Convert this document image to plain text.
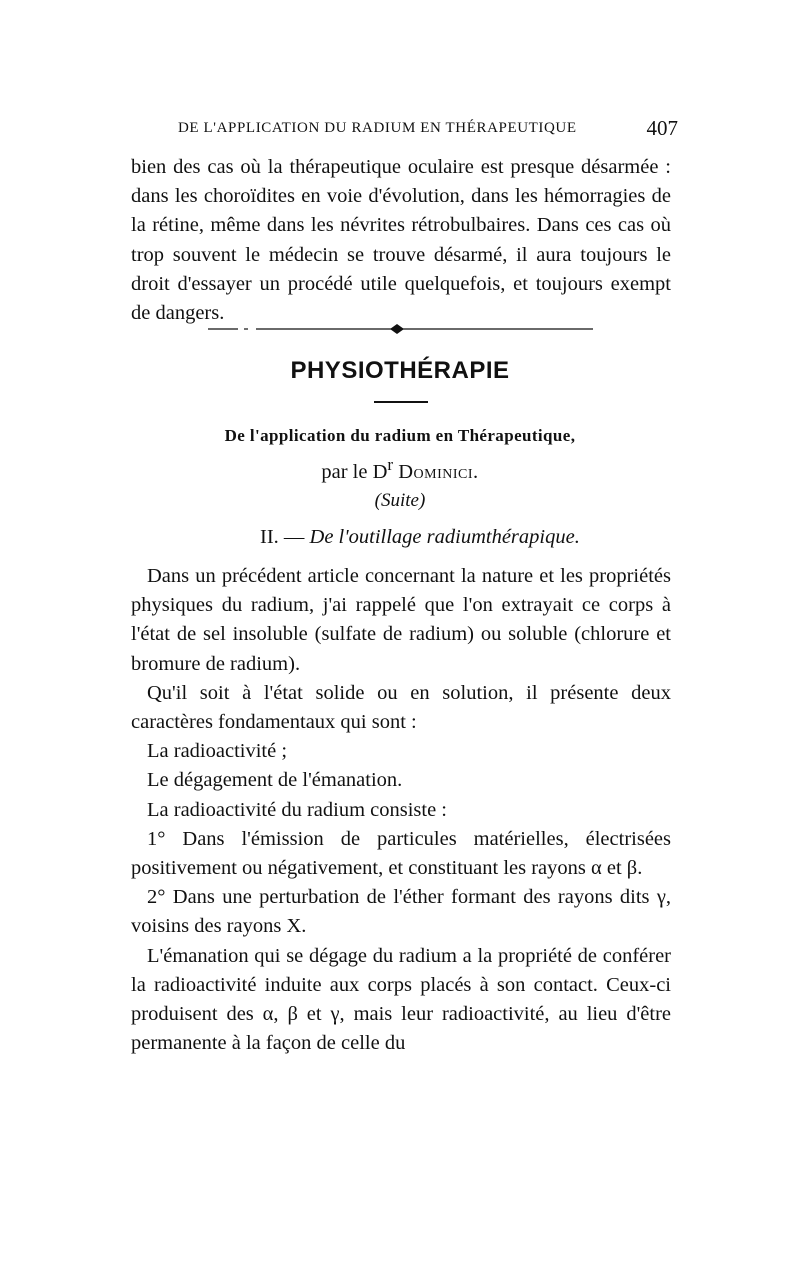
DE L'APPLICATION DU RADIUM EN THÉRAPEUTIQUE	407

bien des cas où la thérapeutique oculaire est presque désarmée : dans les choroïdites en voie d'évolution, dans les hémorragies de la rétine, même dans les névrites rétrobulbaires. Dans ces cas où trop souvent le médecin se trouve désarmé, il aura toujours le droit d'essayer un procédé utile quelquefois, et toujours exempt de dangers.

PHYSIOTHÉRAPIE
De l'application du radium en Thérapeutique,
par le $D^r$ Dominici.
(Suite)
II. — De l'outillage radiumthérapique.

Dans un précédent article concernant la nature et les propriétés physiques du radium, j'ai rappelé que l'on extrayait ce corps à l'état de sel insoluble (sulfate de radium) ou soluble (chlorure et bromure de radium).

Qu'il soit à l'état solide ou en solution, il présente deux caractères fondamentaux qui sont :

La radioactivité ;

Le dégagement de l'émanation.

La radioactivité du radium consiste :

1° Dans l'émission de particules matérielles, électrisées positivement ou négativement, et constituant les rayons α et β.

2° Dans une perturbation de l'éther formant des rayons dits γ, voisins des rayons X.

L'émanation qui se dégage du radium a la propriété de conférer la radioactivité induite aux corps placés à son contact. Ceux-ci produisent des α, β et γ, mais leur radioactivité, au lieu d'être permanente à la façon de celle du
